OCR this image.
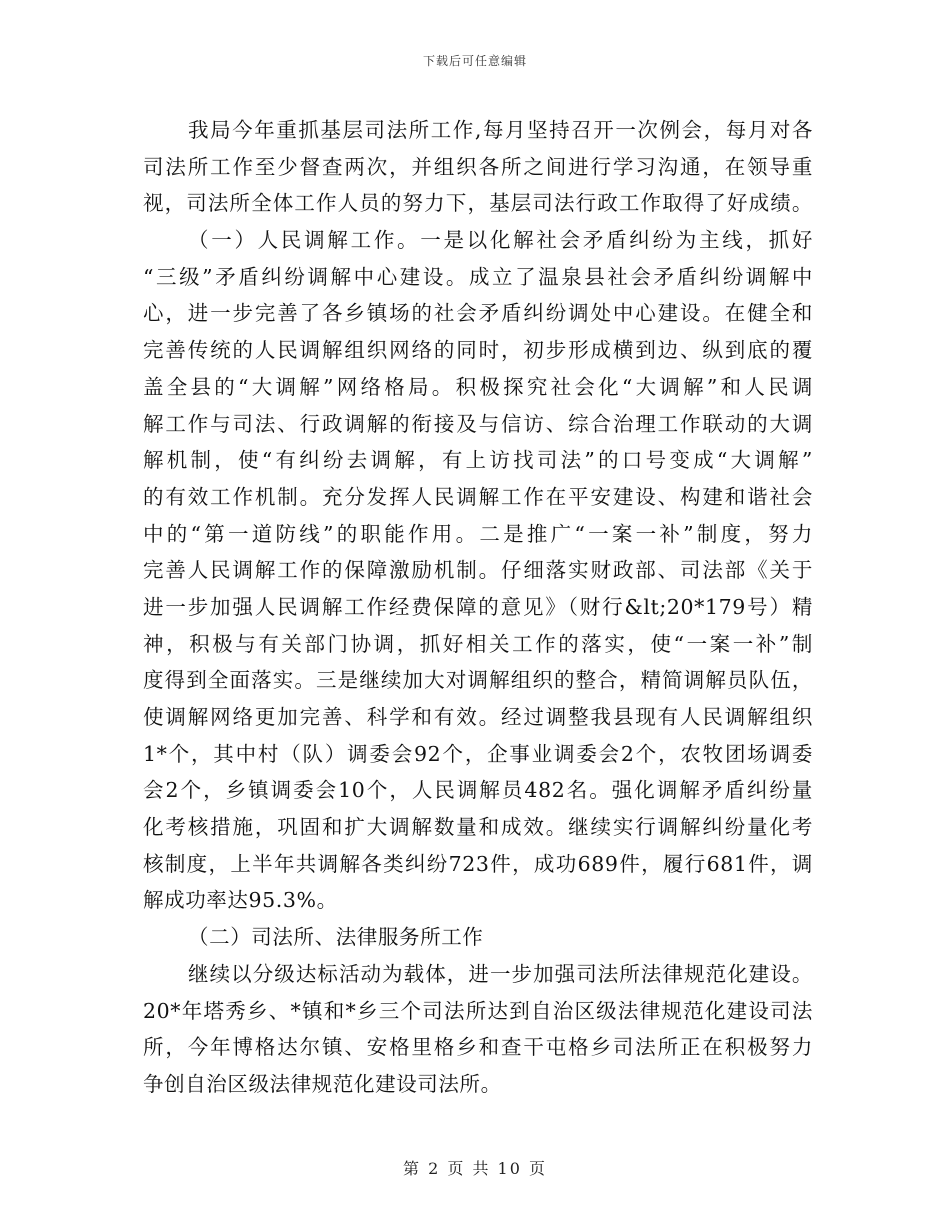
下载后可任意编辑
我局今年重抓基层司法所工作,每月坚持召开一次例会，每月对各
司法所工作至少督查两次，并组织各所之间进行学习沟通，在领导重
视，司法所全体工作人员的努力下，基层司法行政工作取得了好成绩。
（一）人民调解工作。一是以化解社会矛盾纠纷为主线，抓好
“三级”矛盾纠纷调解中心建设。成立了温泉县社会矛盾纠纷调解中
心，进一步完善了各乡镇场的社会矛盾纠纷调处中心建设。在健全和
完善传统的人民调解组织网络的同时，初步形成横到边、纵到底的覆
盖全县的“大调解”网络格局。积极探究社会化“大调解”和人民调
解工作与司法、行政调解的衔接及与信访、综合治理工作联动的大调
解机制，使“有纠纷去调解，有上访找司法”的口号变成“大调解”
的有效工作机制。充分发挥人民调解工作在平安建设、构建和谐社会
中的“第一道防线”的职能作用。二是推广“一案一补”制度，努力
完善人民调解工作的保障激励机制。仔细落实财政部、司法部《关于
进一步加强人民调解工作经费保障的意见》（财行&lt;20*179号）精
神，积极与有关部门协调，抓好相关工作的落实，使“一案一补”制
度得到全面落实。三是继续加大对调解组织的整合，精简调解员队伍，
使调解网络更加完善、科学和有效。经过调整我县现有人民调解组织
1*个，其中村（队）调委会92个，企事业调委会2个，农牧团场调委
会2个，乡镇调委会10个，人民调解员482名。强化调解矛盾纠纷量
化考核措施，巩固和扩大调解数量和成效。继续实行调解纠纷量化考
核制度，上半年共调解各类纠纷723件，成功689件，履行681件，调
解成功率达95.3%。
（二）司法所、法律服务所工作
继续以分级达标活动为载体，进一步加强司法所法律规范化建设。
20*年塔秀乡、*镇和*乡三个司法所达到自治区级法律规范化建设司法
所，今年博格达尔镇、安格里格乡和查干屯格乡司法所正在积极努力
争创自治区级法律规范化建设司法所。
第 2 页 共 10 页
